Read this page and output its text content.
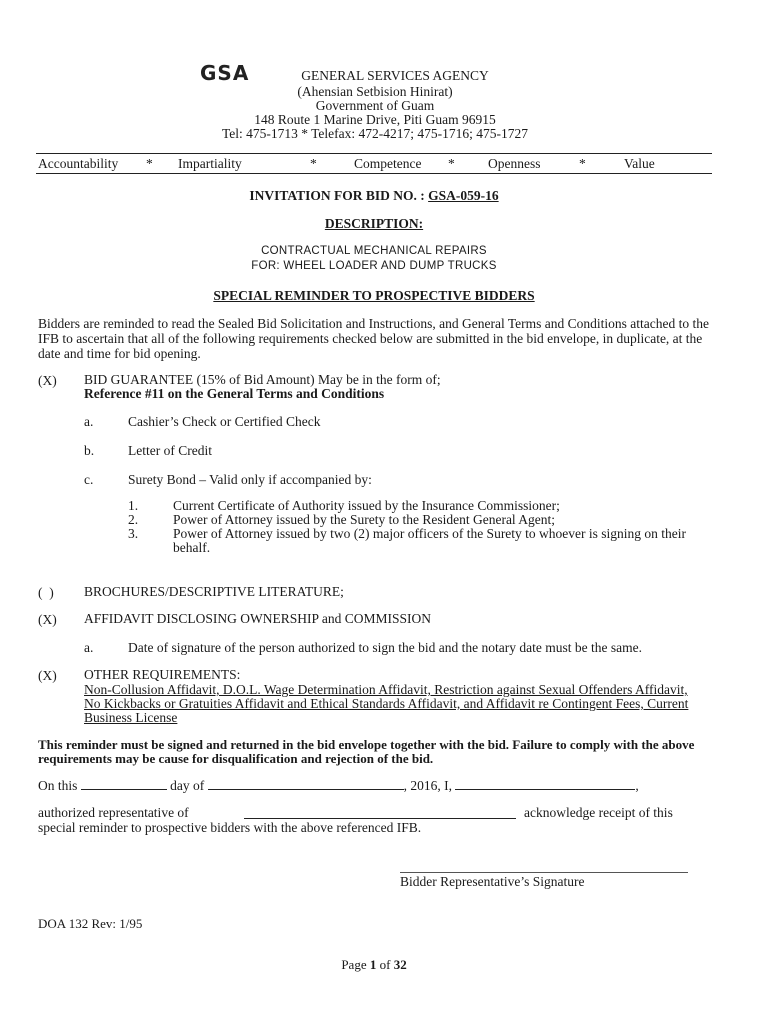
GSA	GENERAL SERVICES AGENCY
(Ahensian Setbision Hinirat)
Government of Guam
148 Route 1 Marine Drive, Piti Guam 96915
Tel: 475-1713 * Telefax: 472-4217; 475-1716; 475-1727
Accountability * Impartiality	*	Competence * Openness	*	Value
INVITATION FOR BID NO. : GSA-059-16
DESCRIPTION:
CONTRACTUAL MECHANICAL REPAIRS
FOR: WHEEL LOADER AND DUMP TRUCKS
SPECIAL REMINDER TO PROSPECTIVE BIDDERS
Bidders are reminded to read the Sealed Bid Solicitation and Instructions, and General Terms and Conditions attached to the IFB to ascertain that all of the following requirements checked below are submitted in the bid envelope, in duplicate, at the date and time for bid opening.
(X) BID GUARANTEE (15% of Bid Amount) May be in the form of;
Reference #11 on the General Terms and Conditions
a.	Cashier’s Check or Certified Check
b.	Letter of Credit
c.	Surety Bond – Valid only if accompanied by:
1.	Current Certificate of Authority issued by the Insurance Commissioner;
2.	Power of Attorney issued by the Surety to the Resident General Agent;
3.	Power of Attorney issued by two (2) major officers of the Surety to whoever is signing on their behalf.
(  ) BROCHURES/DESCRIPTIVE LITERATURE;
(X) AFFIDAVIT DISCLOSING OWNERSHIP and COMMISSION
a.	Date of signature of the person authorized to sign the bid and the notary date must be the same.
(X) OTHER REQUIREMENTS:
Non-Collusion Affidavit, D.O.L. Wage Determination Affidavit, Restriction against Sexual Offenders Affidavit, No Kickbacks or Gratuities Affidavit and Ethical Standards Affidavit, and Affidavit re Contingent Fees, Current Business License
This reminder must be signed and returned in the bid envelope together with the bid. Failure to comply with the above requirements may be cause for disqualification and rejection of the bid.
On this	day of	, 2016, I,	,
authorized representative of	acknowledge receipt of this
special reminder to prospective bidders with the above referenced IFB.
Bidder Representative’s Signature
DOA 132 Rev: 1/95
Page 1 of 32
